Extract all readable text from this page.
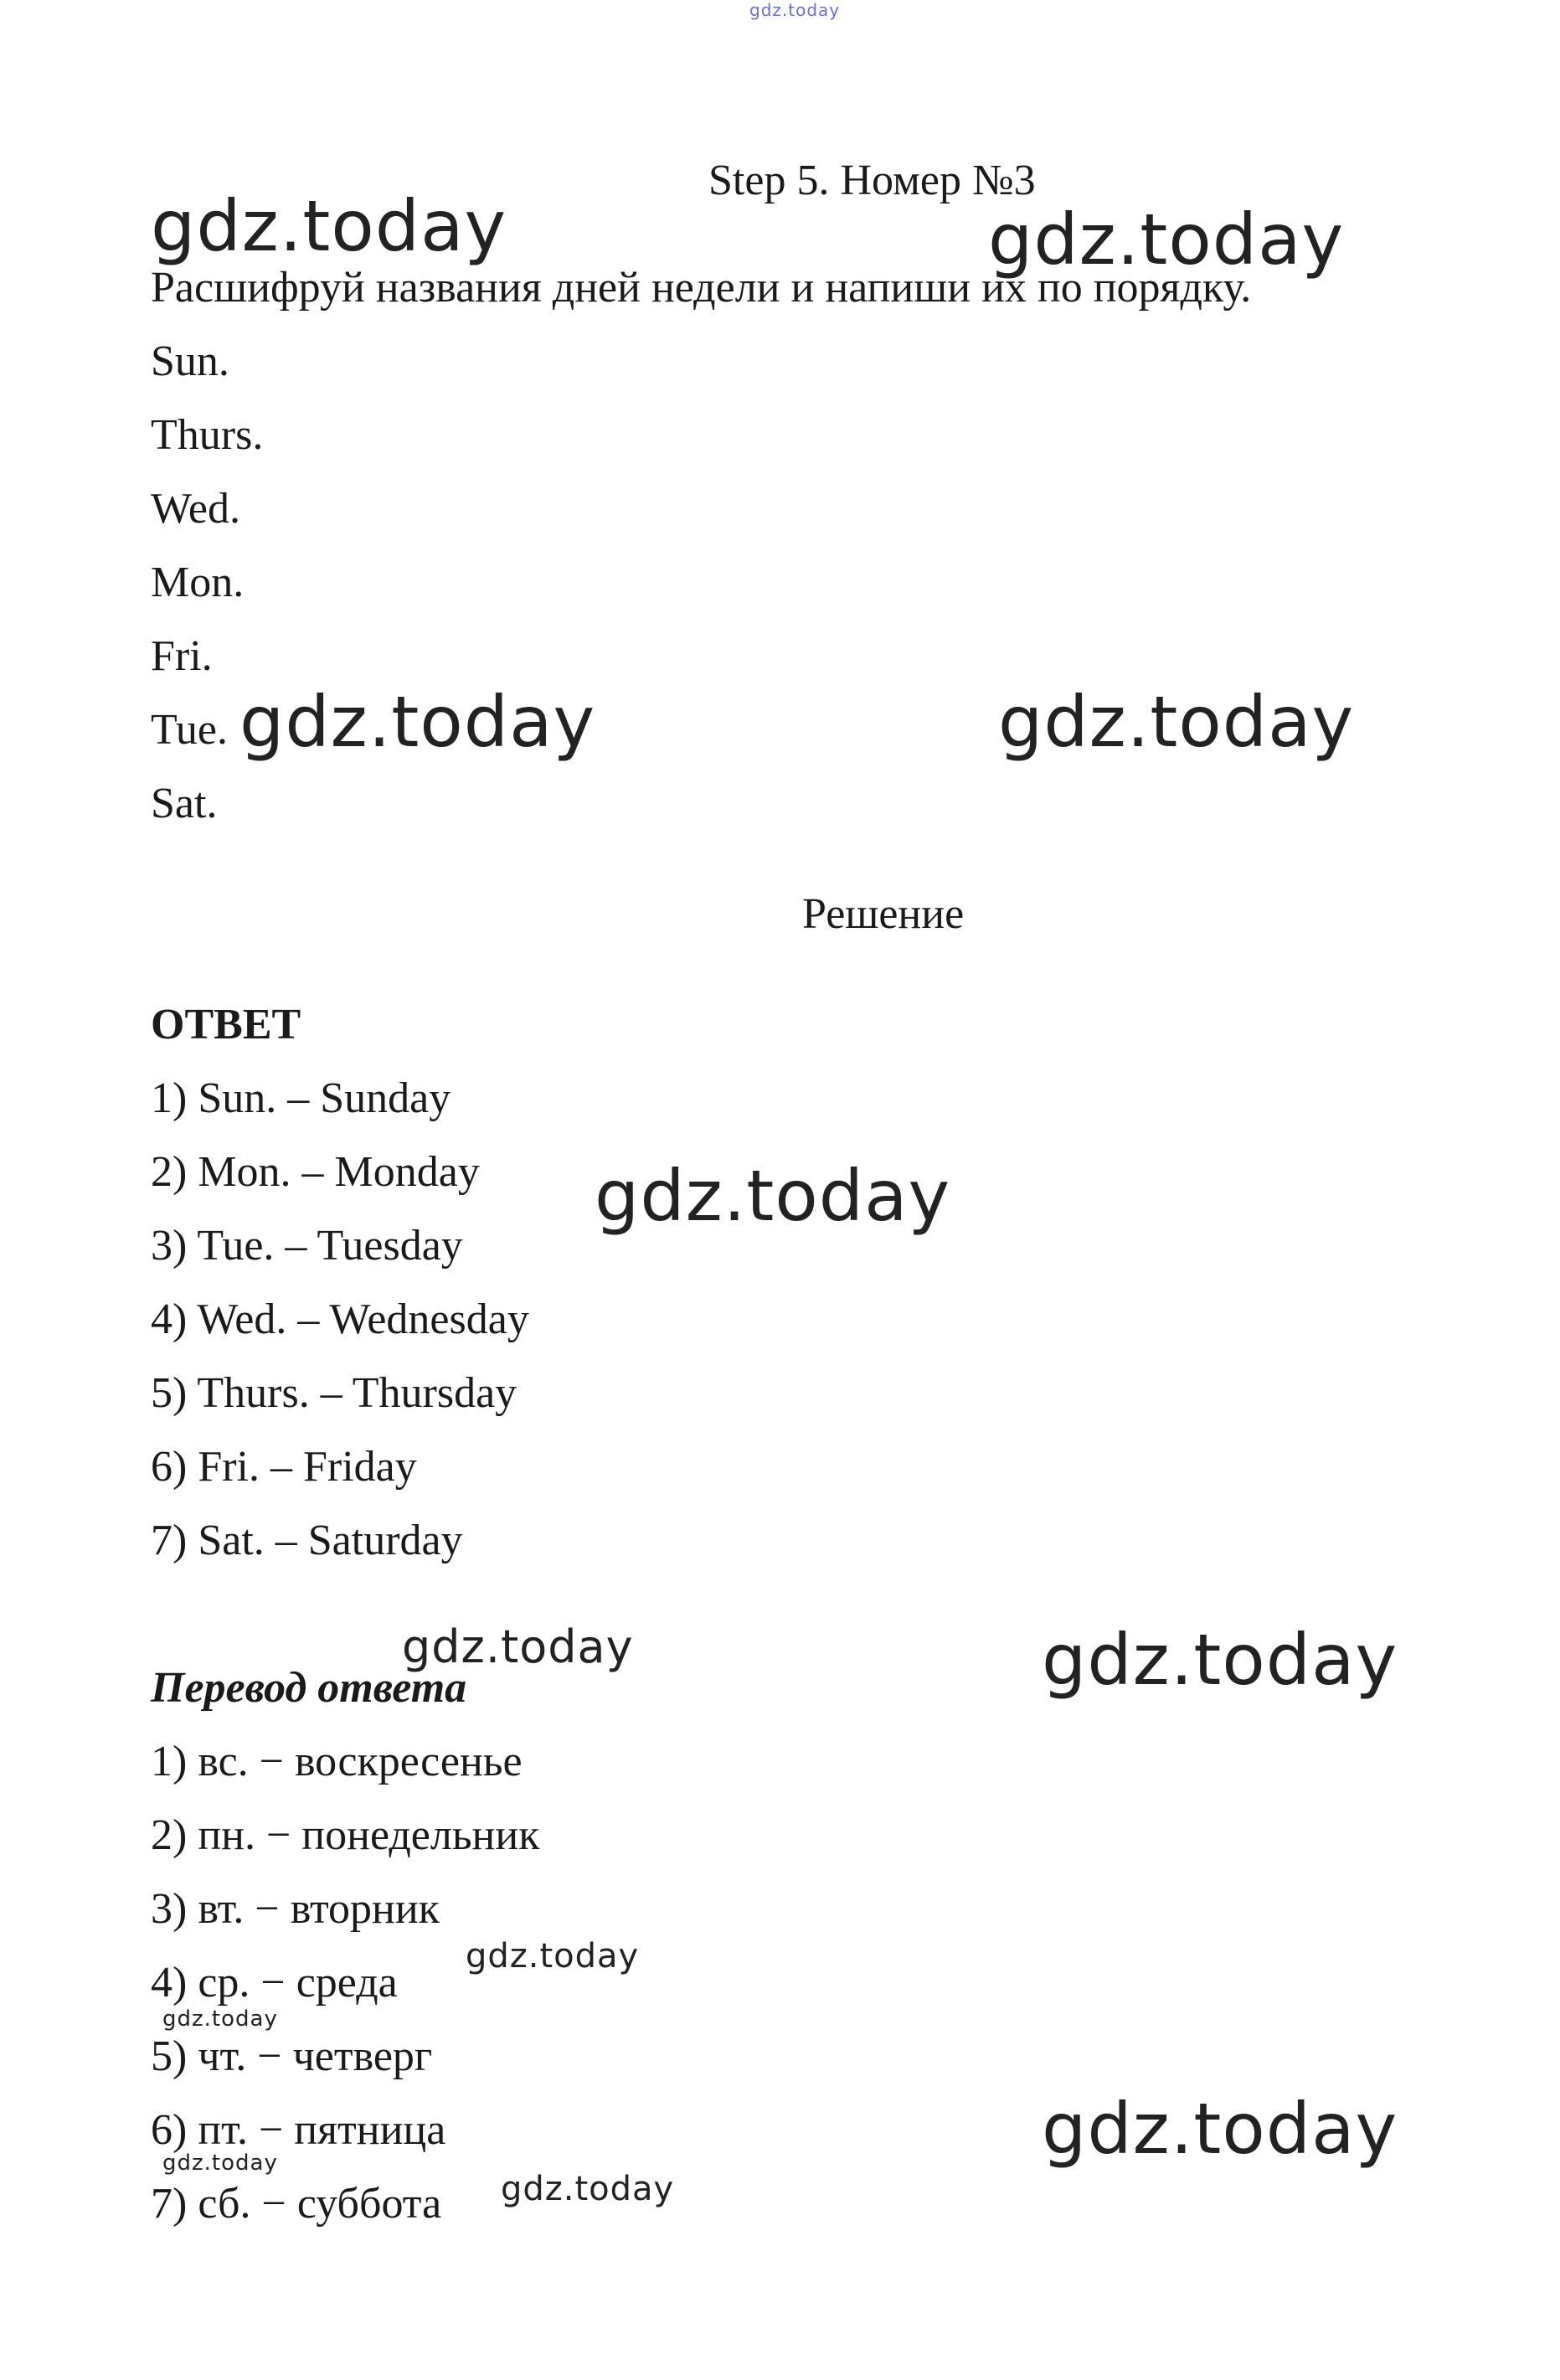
gdz.today
Step 5. Номер №3
Расшифруй названия дней недели и напиши их по порядку.
Sun.
Thurs.
Wed.
Mon.
Fri.
Tue.
Sat.
Решение
ОТВЕТ
1) Sun. – Sunday
2) Mon. – Monday
3) Tue. – Tuesday
4) Wed. – Wednesday
5) Thurs. – Thursday
6) Fri. – Friday
7) Sat. – Saturday
Перевод ответа
1) вс. − воскресенье
2) пн. − понедельник
3) вт. − вторник
4) ср. − среда
5) чт. − четверг
6) пт. − пятница
7) сб. − суббота
gdz.today	gdz.today
gdz.today	gdz.today
gdz.today
gdz.today	gdz.today
gdz.today
gdz.today
gdz.today
gdz.today
gdz.today
